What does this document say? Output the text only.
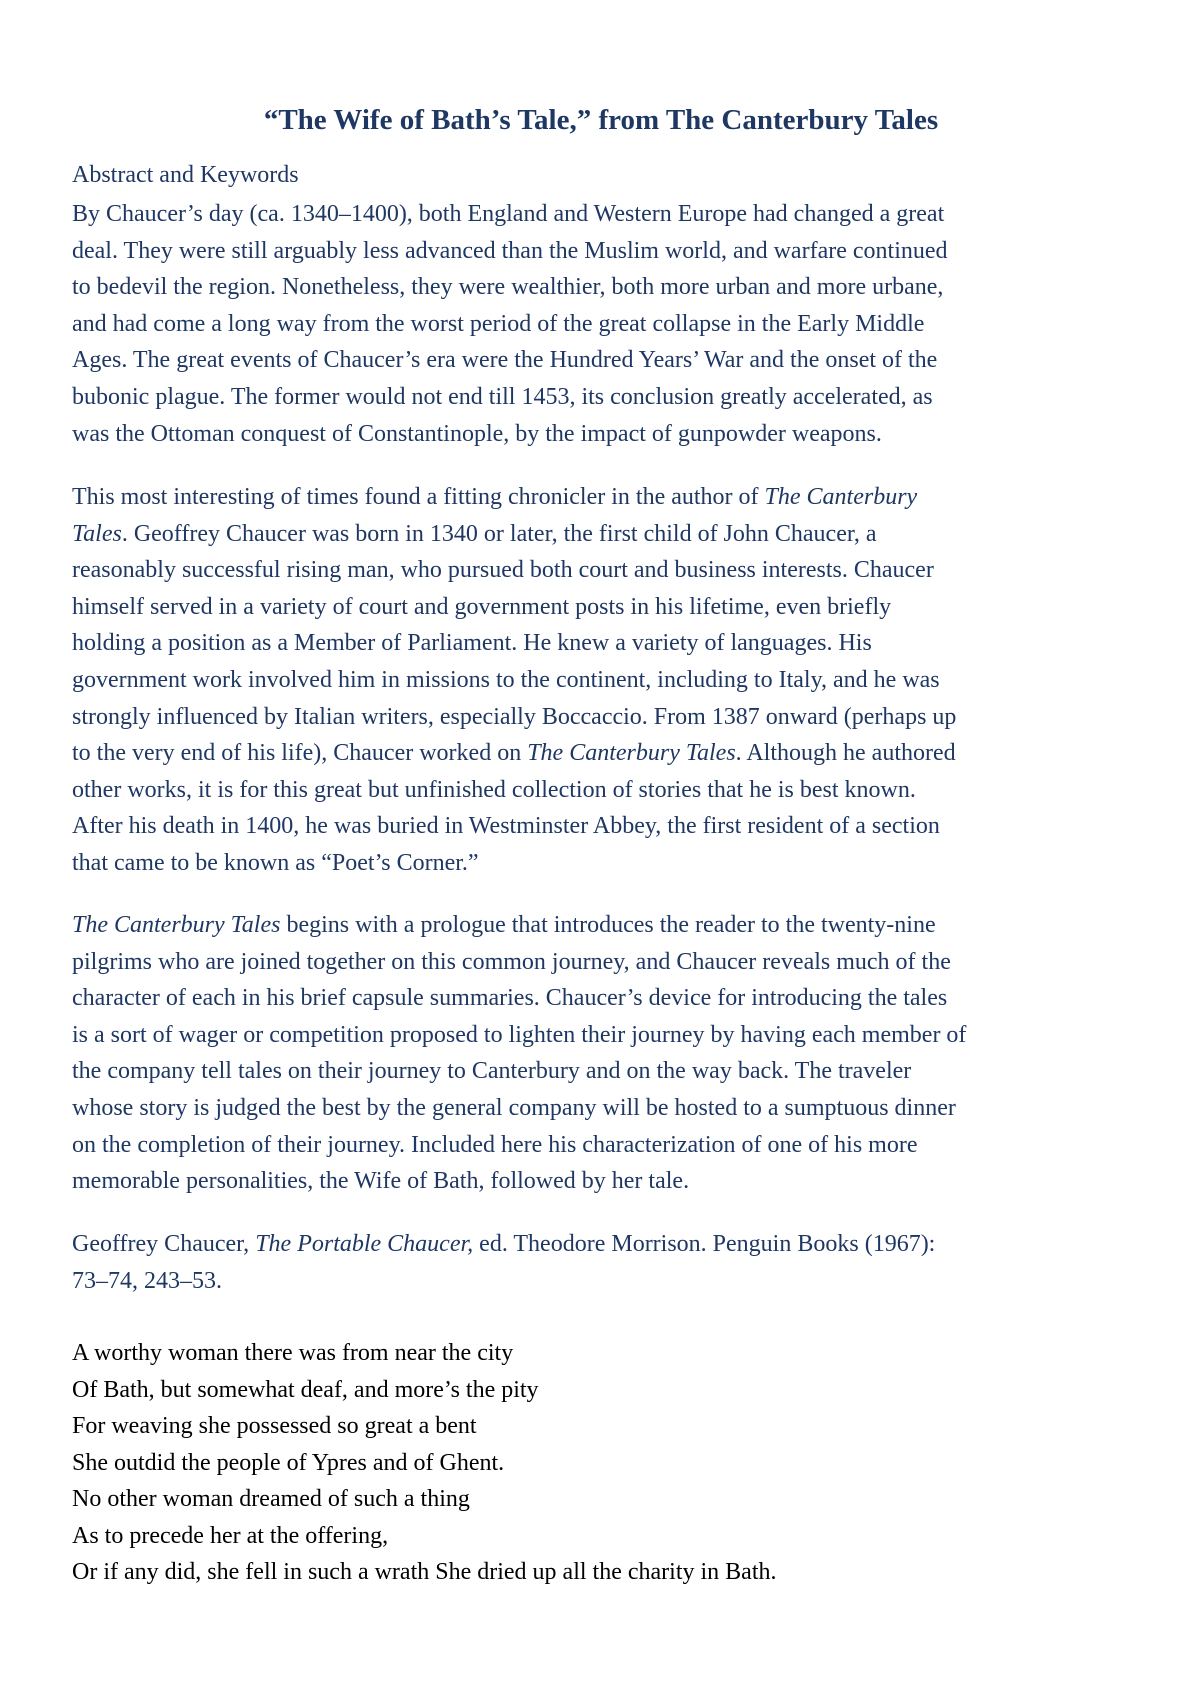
“The Wife of Bath’s Tale,” from The Canterbury Tales
Abstract and Keywords
By Chaucer’s day (ca. 1340–1400), both England and Western Europe had changed a great
deal. They were still arguably less advanced than the Muslim world, and warfare continued
to bedevil the region. Nonetheless, they were wealthier, both more urban and more urbane,
and had come a long way from the worst period of the great collapse in the Early Middle
Ages. The great events of Chaucer’s era were the Hundred Years’ War and the onset of the
bubonic plague. The former would not end till 1453, its conclusion greatly accelerated, as
was the Ottoman conquest of Constantinople, by the impact of gunpowder weapons.
This most interesting of times found a fitting chronicler in the author of The Canterbury
Tales. Geoffrey Chaucer was born in 1340 or later, the first child of John Chaucer, a
reasonably successful rising man, who pursued both court and business interests. Chaucer
himself served in a variety of court and government posts in his lifetime, even briefly
holding a position as a Member of Parliament. He knew a variety of languages. His
government work involved him in missions to the continent, including to Italy, and he was
strongly influenced by Italian writers, especially Boccaccio. From 1387 onward (perhaps up
to the very end of his life), Chaucer worked on The Canterbury Tales. Although he authored
other works, it is for this great but unfinished collection of stories that he is best known.
After his death in 1400, he was buried in Westminster Abbey, the first resident of a section
that came to be known as “Poet’s Corner.”
The Canterbury Tales begins with a prologue that introduces the reader to the twenty-nine
pilgrims who are joined together on this common journey, and Chaucer reveals much of the
character of each in his brief capsule summaries. Chaucer’s device for introducing the tales
is a sort of wager or competition proposed to lighten their journey by having each member of
the company tell tales on their journey to Canterbury and on the way back. The traveler
whose story is judged the best by the general company will be hosted to a sumptuous dinner
on the completion of their journey. Included here his characterization of one of his more
memorable personalities, the Wife of Bath, followed by her tale.
Geoffrey Chaucer, The Portable Chaucer, ed. Theodore Morrison. Penguin Books (1967):
73–74, 243–53.
A worthy woman there was from near the city
Of Bath, but somewhat deaf, and more’s the pity
For weaving she possessed so great a bent
She outdid the people of Ypres and of Ghent.
No other woman dreamed of such a thing
As to precede her at the offering,
Or if any did, she fell in such a wrath She dried up all the charity in Bath.
